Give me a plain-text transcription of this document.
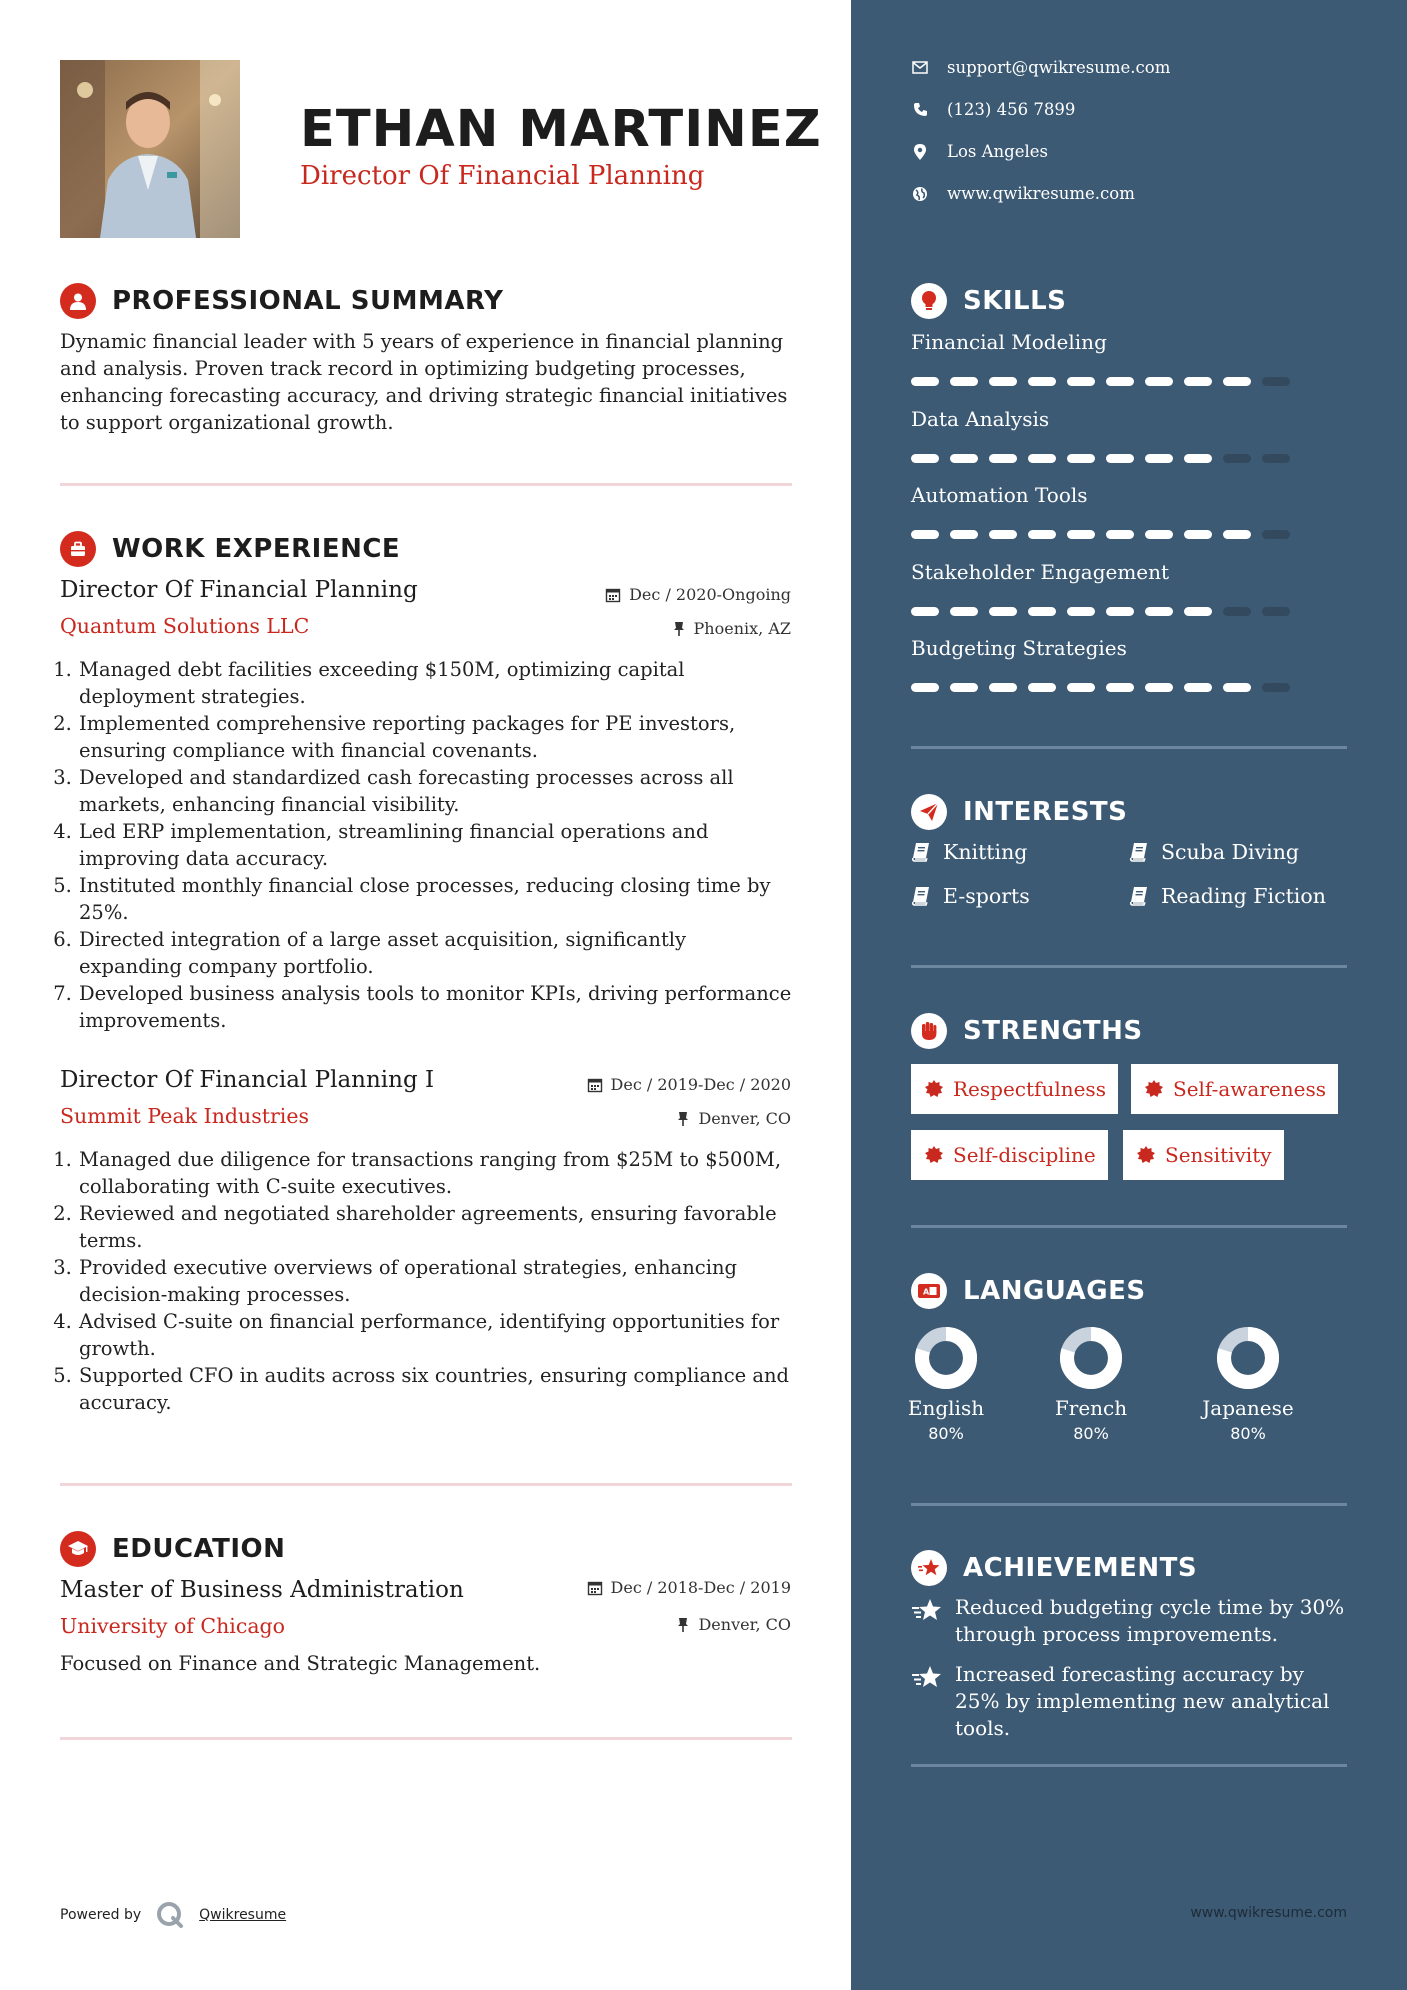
ETHAN MARTINEZ
Director Of Financial Planning
PROFESSIONAL SUMMARY
Dynamic financial leader with 5 years of experience in financial planning and analysis. Proven track record in optimizing budgeting processes, enhancing forecasting accuracy, and driving strategic financial initiatives to support organizational growth.
WORK EXPERIENCE
Director Of Financial Planning	Dec / 2020-Ongoing
Quantum Solutions LLC	Phoenix, AZ
1. Managed debt facilities exceeding $150M, optimizing capital deployment strategies.
2. Implemented comprehensive reporting packages for PE investors, ensuring compliance with financial covenants.
3. Developed and standardized cash forecasting processes across all markets, enhancing financial visibility.
4. Led ERP implementation, streamlining financial operations and improving data accuracy.
5. Instituted monthly financial close processes, reducing closing time by 25%.
6. Directed integration of a large asset acquisition, significantly expanding company portfolio.
7. Developed business analysis tools to monitor KPIs, driving performance improvements.
Director Of Financial Planning I	Dec / 2019-Dec / 2020
Summit Peak Industries	Denver, CO
1. Managed due diligence for transactions ranging from $25M to $500M, collaborating with C-suite executives.
2. Reviewed and negotiated shareholder agreements, ensuring favorable terms.
3. Provided executive overviews of operational strategies, enhancing decision-making processes.
4. Advised C-suite on financial performance, identifying opportunities for growth.
5. Supported CFO in audits across six countries, ensuring compliance and accuracy.
EDUCATION
Master of Business Administration	Dec / 2018-Dec / 2019
University of Chicago	Denver, CO
Focused on Finance and Strategic Management.
Powered by	Qwikresume
support@qwikresume.com
(123) 456 7899
Los Angeles
www.qwikresume.com
SKILLS
Financial Modeling
Data Analysis
Automation Tools
Stakeholder Engagement
Budgeting Strategies
INTERESTS
Knitting	Scuba Diving
E-sports	Reading Fiction
STRENGTHS
Respectfulness	Self-awareness
Self-discipline	Sensitivity
A LANGUAGES
English
80%
French
80%
Japanese
80%
ACHIEVEMENTS
Reduced budgeting cycle time by 30% through process improvements.
Increased forecasting accuracy by 25% by implementing new analytical tools.
www.qwikresume.com
